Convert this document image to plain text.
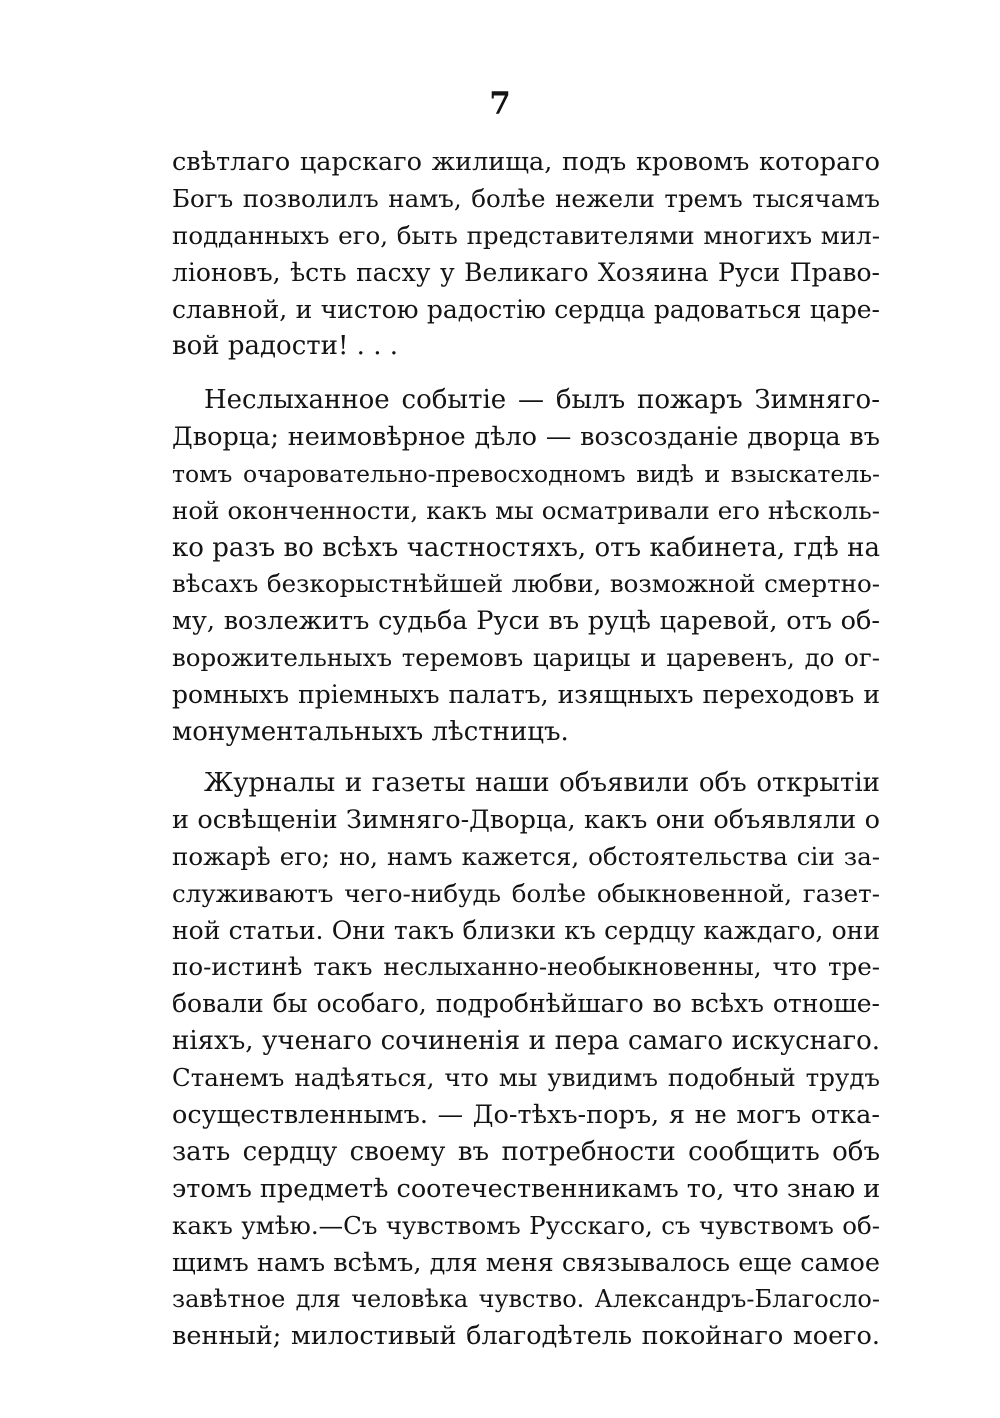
7
свѣтлаго царскаго жилища, подъ кровомъ котораго
Богъ позволилъ намъ, болѣе нежели тремъ тысячамъ
подданныхъ его, быть представителями многихъ мил-
ліоновъ, ѣсть пасху у Великаго Хозяина Руси Право-
славной, и чистою радостію сердца радоваться царе-
вой радости! . . .
Неслыханное событіе — былъ пожаръ Зимняго-
Дворца; неимовѣрное дѣло — возсозданіе дворца въ
томъ очаровательно-превосходномъ видѣ и взыскатель-
ной оконченности, какъ мы осматривали его нѣсколь-
ко разъ во всѣхъ частностяхъ, отъ кабинета, гдѣ на
вѣсахъ безкорыстнѣйшей любви, возможной смертно-
му, возлежитъ судьба Руси въ руцѣ царевой, отъ об-
ворожительныхъ теремовъ царицы и царевенъ, до ог-
ромныхъ пріемныхъ палатъ, изящныхъ переходовъ и
монументальныхъ лѣстницъ.
Журналы и газеты наши объявили объ открытіи
и освѣщеніи Зимняго-Дворца, какъ они объявляли о
пожарѣ его; но, намъ кажется, обстоятельства сіи за-
служиваютъ чего-нибудь болѣе обыкновенной, газет-
ной статьи. Они такъ близки къ сердцу каждаго, они
по-истинѣ такъ неслыханно-необыкновенны, что тре-
бовали бы особаго, подробнѣйшаго во всѣхъ отноше-
ніяхъ, ученаго сочиненія и пера самаго искуснаго.
Станемъ надѣяться, что мы увидимъ подобный трудъ
осуществленнымъ. — До-тѣхъ-поръ, я не могъ отка-
зать сердцу своему въ потребности сообщить объ
этомъ предметѣ соотечественникамъ то, что знаю и
какъ умѣю.—Съ чувствомъ Русскаго, съ чувствомъ об-
щимъ намъ всѣмъ, для меня связывалось еще самое
завѣтное для человѣка чувство. Александръ-Благосло-
венный; милостивый благодѣтель покойнаго моего.
